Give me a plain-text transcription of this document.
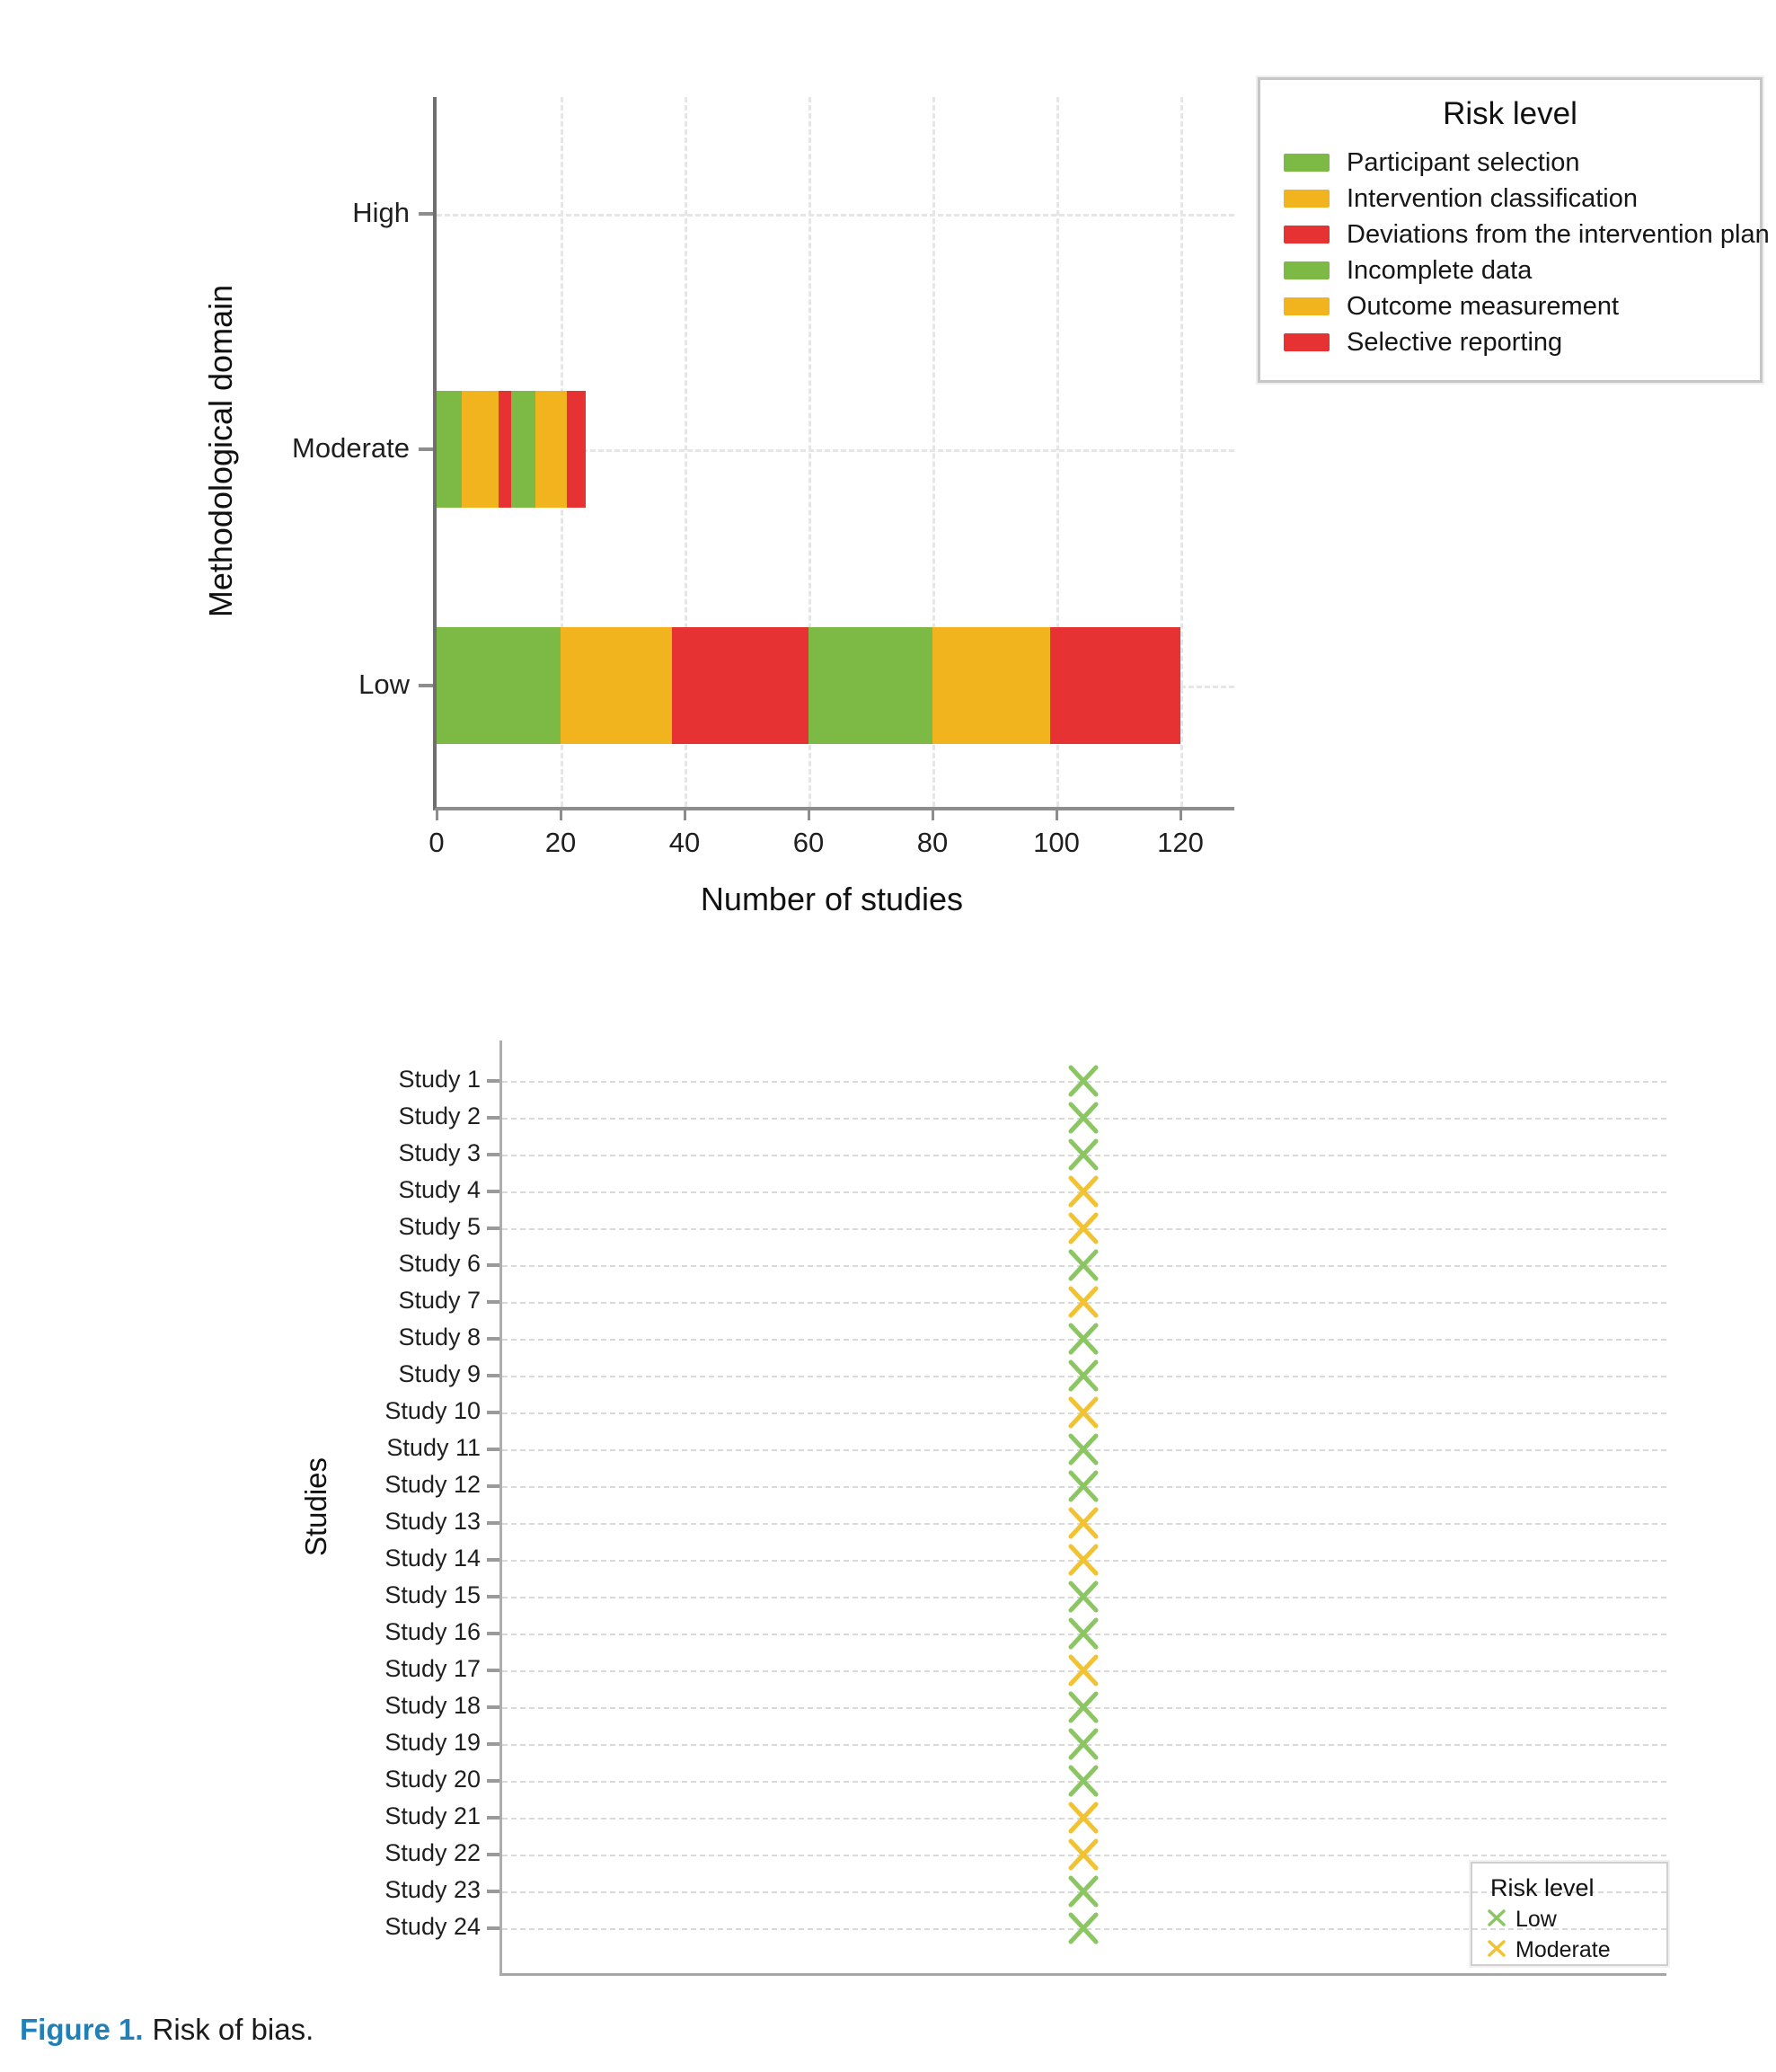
Methodological domain
0	20	40	60	80	100	120
High
Moderate
Low
Number of studies
Risk level
Participant selection
Intervention classification
Deviations from the intervention plan
Incomplete data
Outcome measurement
Selective reporting
Studies
Study 1
Study 2
Study 3
Study 4
Study 5
Study 6
Study 7
Study 8
Study 9
Study 10
Study 11
Study 12
Study 13
Study 14
Study 15
Study 16
Study 17
Study 18
Study 19
Study 20
Study 21
Study 22
Study 23
Study 24
Risk level
Low
Moderate
Figure 1. Risk of bias.
